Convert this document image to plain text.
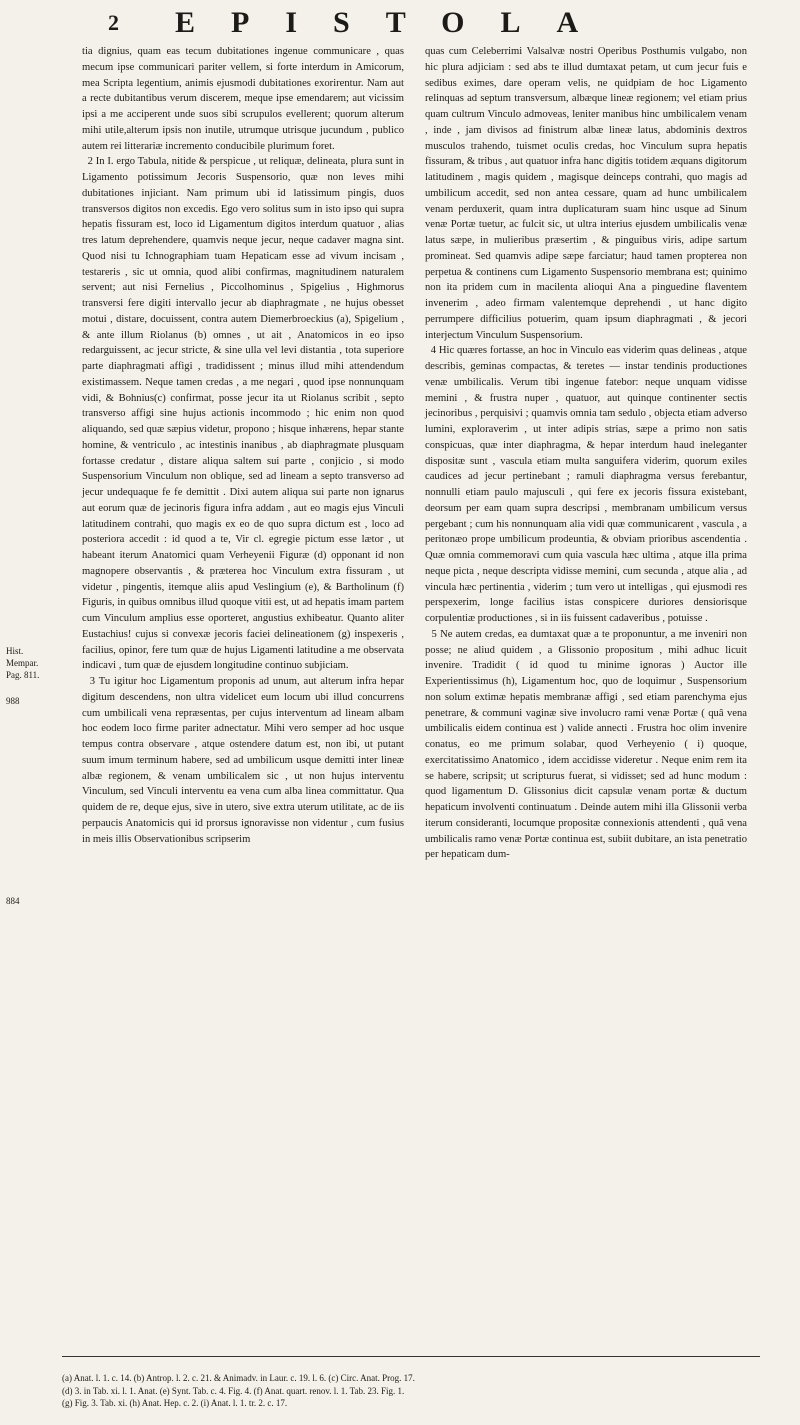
2 EPISTOLA
Hist.
Mempar.
Pag. 811.
988
884
tia dignius, quam eas tecum dubitationes ingenue communicare , quas mecum ipse communicari pariter vellem, si forte interdum in Amicorum, mea Scripta legentium, animis ejusmodi dubitationes exorirentur. Nam aut a recte dubitantibus verum discerem, meque ipse emendarem; aut vicissim ipsi a me acciperent unde suos sibi scrupulos evellerent; quorum alterum mihi utile,alterum ipsis non inutile, utrumque utrisque jucundum , publico autem rei litterariæ incremento conducibile plurimum foret.
2 In I. ergo Tabula, nitide & perspicue , ut reliquæ, delineata, plura sunt in Ligamento potissimum Jecoris Suspensorio, quæ non leves mihi dubitationes injiciant. Nam primum ubi id latissimum pingis, duos transversos digitos non excedis. Ego vero solitus sum in isto ipso qui supra hepatis fissuram est, loco id Ligamentum digitos interdum quatuor , alias tres latum deprehendere, quamvis neque jecur, neque cadaver magna sint. Quod nisi tu Ichnographiam tuam Hepaticam esse ad vivum incisam , testareris , sic ut omnia, quod alibi confirmas, magnitudinem naturalem servent; aut nisi Fernelius , Piccolhominus , Spigelius , Highmorus transversi fere digiti intervallo jecur ab diaphragmate , ne hujus obesset motui , distare, docuissent, contra autem Diemerbroeckius (a), Spigelium , & ante illum Riolanus (b) omnes , ut ait , Anatomicos in eo ipso redarguissent, ac jecur stricte, & sine ulla vel levi distantia , tota superiore parte diaphragmati affigi , tradidissent ; minus illud mihi attendendum existimassem. Neque tamen credas , a me negari , quod ipse nonnunquam vidi, & Bohnius(c) confirmat, posse jecur ita ut Riolanus scribit , septo transverso affigi sine hujus actionis incommodo ; hic enim non quod aliquando, sed quæ sæpius videtur, propono ; hisque inhærens, hepar stante homine, & ventriculo , ac intestinis inanibus , ab diaphragmate plusquam fortasse credatur , distare aliqua saltem sui parte , conjicio , si modo Suspensorium Vinculum non oblique, sed ad lineam a septo transverso ad jecur undequaque fe fe demittit . Dixi autem aliqua sui parte non ignarus aut eorum quæ de jecinoris figura infra addam , aut eo magis ejus Vinculi latitudinem contrahi, quo magis ex eo de quo supra dictum est , loco ad posteriora accedit : id quod a te, Vir cl. egregie pictum esse lætor , ut habeant iterum Anatomici quam Verheyenii Figuræ (d) opponant id non magnopere observantis , & præterea hoc Vinculum extra fissuram , ut videtur , pingentis, itemque aliis apud Veslingium (e), & Bartholinum (f) Figuris, in quibus omnibus illud quoque vitii est, ut ad hepatis imam partem cum Vinculum amplius esse oporteret, angustius exhibeatur. Quanto aliter Eustachius! cujus si convexæ jecoris faciei delineationem (g) inspexeris , facilius, opinor, fere tum quæ de hujus Ligamenti latitudine a me observata indicavi , tum quæ de ejusdem longitudine continuo subjiciam.
3 Tu igitur hoc Ligamentum proponis ad unum, aut alterum infra hepar digitum descendens, non ultra videlicet eum locum ubi illud concurrens cum umbilicali vena repræsentas, per cujus interventum ad lineam albam hoc eodem loco firme pariter adnectatur. Mihi vero semper ad hoc usque tempus contra observare , atque ostendere datum est, non ibi, ut putant suum imum terminum habere, sed ad umbilicum usque demitti inter lineæ albæ regionem, & venam umbilicalem sic , ut non hujus interventu Vinculum, sed Vinculi interventu ea vena cum alba linea committatur. Qua quidem de re, deque ejus, sive in utero, sive extra uterum utilitate, ac de iis perpaucis Anatomicis qui id prorsus ignoravisse non videntur , cum fusius in meis illis Observationibus scripserim
quas cum Celeberrimi Valsalvæ nostri Operibus Posthumis vulgabo, non hic plura adjiciam : sed abs te illud dumtaxat petam, ut cum jecur fuis e sedibus eximes, dare operam velis, ne quidpiam de hoc Ligamento relinquas ad septum transversum, albæque lineæ regionem; vel etiam prius quam cultrum Vinculo admoveas, leniter manibus hinc umbilicalem venam , inde , jam divisos ad finistrum albæ lineæ latus, abdominis dextros musculos trahendo, tuismet oculis credas, hoc Vinculum supra hepatis fissuram, & tribus , aut quatuor infra hanc digitis totidem æquans digitorum latitudinem , magis quidem , magisque deinceps contrahi, quo magis ad umbilicum accedit, sed non antea cessare, quam ad hunc umbilicalem venam perduxerit, quam intra duplicaturam suam hinc usque ad Sinum venæ Portæ tuetur, ac fulcit sic, ut ultra interius ejusdem umbilicalis venæ latus sæpe, in mulieribus præsertim , & pinguibus viris, adipe sartum promineat. Sed quamvis adipe sæpe farciatur; haud tamen propterea non perpetua & continens cum Ligamento Suspensorio membrana est; quinimo non ita pridem cum in macilenta alioqui Ana a pinguedine flaventem invenerim , adeo firmam valentemque deprehendi , ut hanc digito perrumpere difficilius potuerim, quam ipsum diaphragmati , & jecori interjectum Vinculum Suspensorium.
4 Hic quæres fortasse, an hoc in Vinculo eas viderim quas delineas , atque describis, geminas compactas, & teretes — instar tendinis productiones venæ umbilicalis. Verum tibi ingenue fatebor: neque unquam vidisse memini , & frustra nuper , quatuor, aut quinque continenter sectis jecinoribus , perquisivi ; quamvis omnia tam sedulo , objecta etiam adverso lumini, exploraverim , ut inter adipis strias, sæpe a primo non satis conspicuas, quæ inter diaphragma, & hepar interdum haud ineleganter dispositæ sunt , vasculа etiam multa sanguifera viderim, quorum exiles caudices ad jecur pertinebant ; ramuli diaphragma versus ferebantur, nonnulli etiam paulo majusculi , qui fere ex jecoris fissura existebant, deorsum per eam quam supra descripsi , membranam umbilicum versus pergebant ; cum his nonnunquam alia vidi quæ communicarent , vascula , a peritonæo prope umbilicum prodeuntia, & obviam prioribus ascendentia . Quæ omnia commemoravi cum quia vascula hæc ultima , atque illa prima neque picta , neque descripta vidisse memini, cum secunda , atque alia , ad vincula hæc pertinentia , viderim ; tum vero ut intelligas , qui ejusmodi res perspexerim, longe facilius istas conspicere duriores densiorisque corpulentiæ productiones , si in iis fuissent cadaveribus , potuisse .
5 Ne autem credas, ea dumtaxat quæ a te proponuntur, a me inveniri non posse; ne aliud quidem , a Glissonio propositum , mihi adhuc licuit invenire. Tradidit ( id quod tu minime ignoras ) Auctor ille Experientissimus (h), Ligamentum hoc, quo de loquimur , Suspensorium non solum extimæ hepatis membranæ affigi , sed etiam parenchyma ejus penetrare, & communi vaginæ sive involucro rami venæ Portæ ( quâ vena umbilicalis eidem continua est ) valide annecti . Frustra hoc olim invenire conatus, eo me primum solabar, quod Verheyenio ( i) quoque, exercitatissimo Anatomico , idem accidisse videretur . Neque enim rem ita se habere, scripsit; ut scripturus fuerat, si vidisset; sed ad hunc modum : quod ligamentum D. Glissonius dicit capsulæ venam portæ & ductum hepaticum involventi continuatum . Deinde autem mihi illa Glissonii verba iterum consideranti, locumque propositæ connexionis attendenti , quâ vena umbilicalis ramo venæ Portæ continua est, subiit dubitare, an ista penetratio per hepaticam dum-
(a) Anat. l. 1. c. 14. (b) Antrop. l. 2. c. 21. & Animadv. in Laur. c. 19. l. 6. (c) Circ. Anat. Prog. 17.
(d) 3. in Tab. xi. l. 1. Anat. (e) Synt. Tab. c. 4. Fig. 4. (f) Anat. quart. renov. l. 1. Tab. 23. Fig. 1.
(g) Fig. 3. Tab. xi. (h) Anat. Hep. c. 2. (i) Anat. l. 1. tr. 2. c. 17.
